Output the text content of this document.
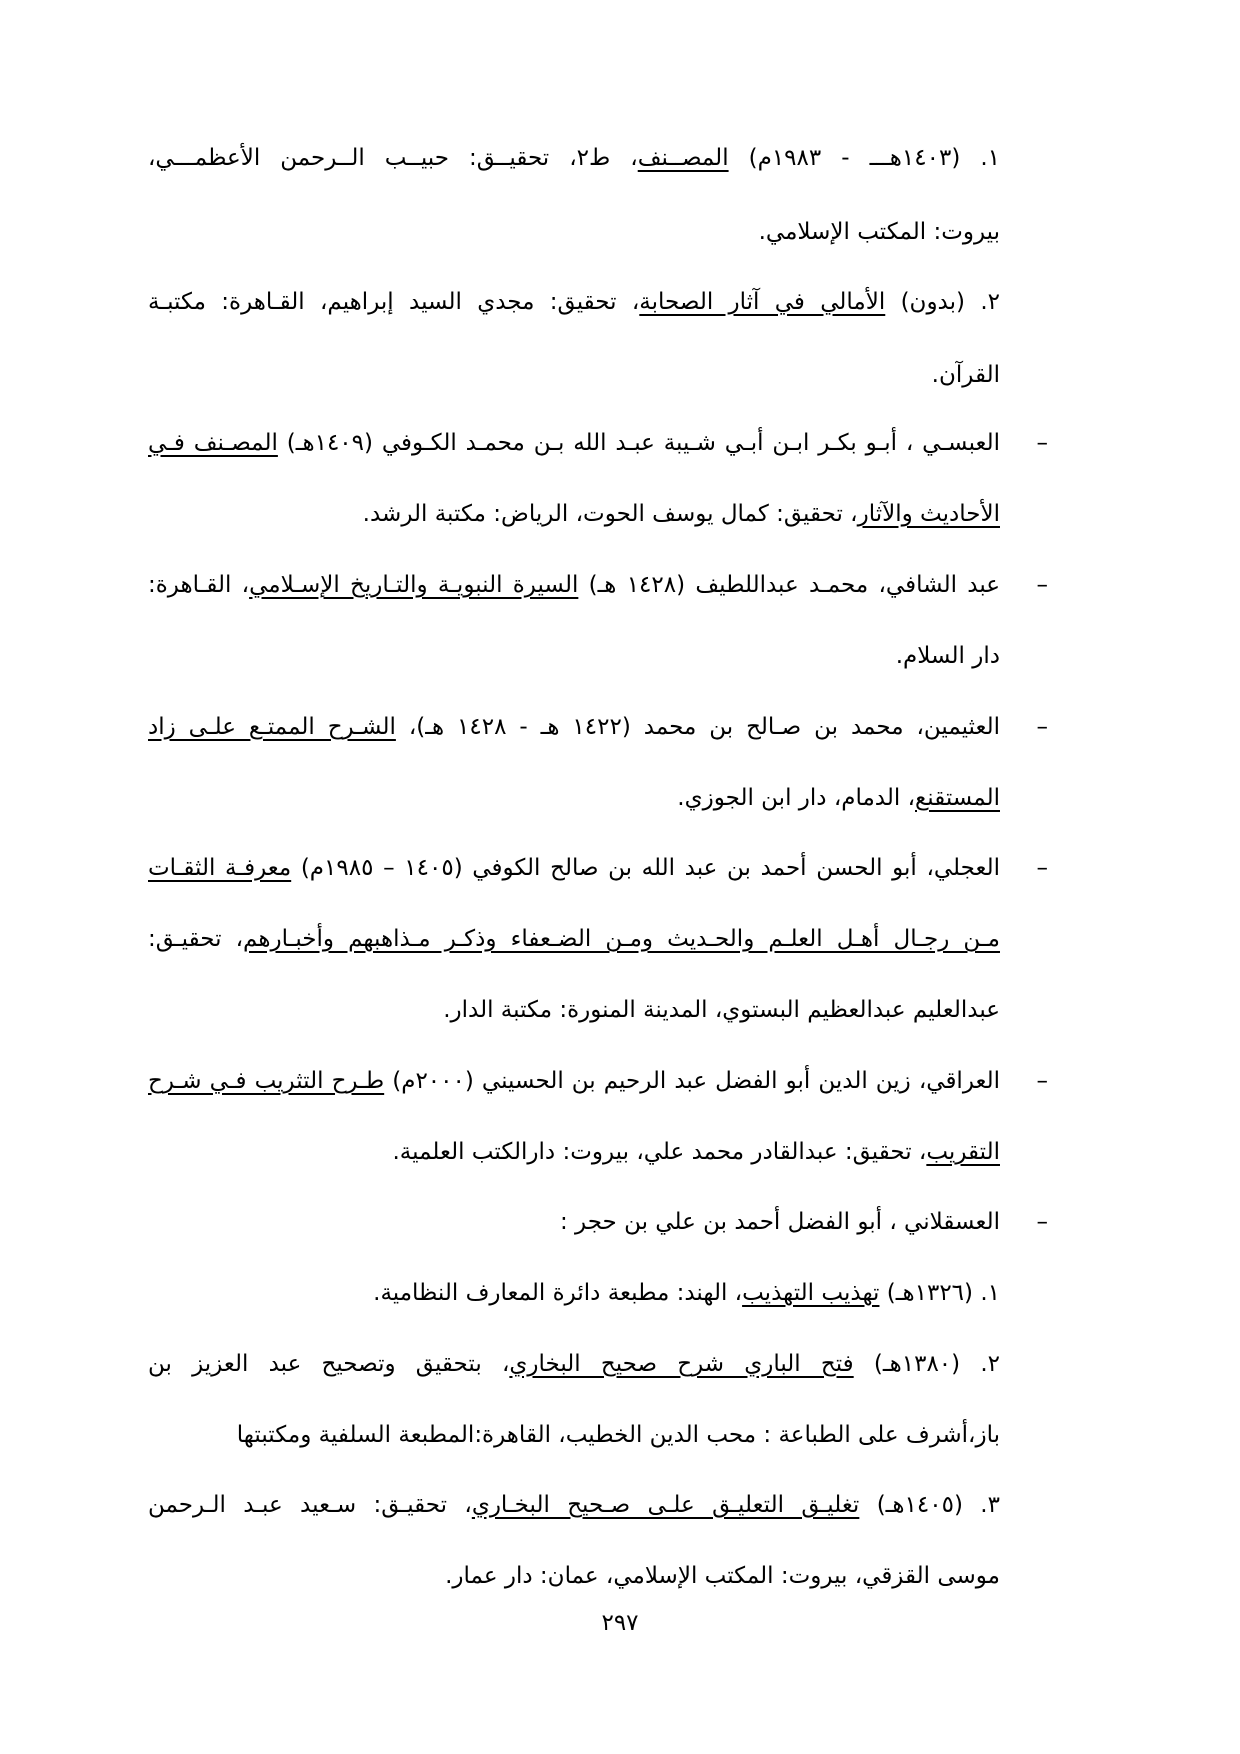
١. (١٤٠٣هـــ - ١٩٨٣م) المصــنف، ط٢، تحقيــق: حبيــب الــرحمن الأعظمـــي،
بيروت: المكتب الإسلامي.
٢. (بدون) الأمالي في آثار الصحابة، تحقيق: مجدي السيد إبراهيم، القـاهرة: مكتبـة
القرآن.
–
العبسـي ، أبـو بكـر ابـن أبـي شـيبة عبـد الله بـن محمـد الكـوفي (١٤٠٩هـ) المصـنف فـي
الأحاديث والآثار، تحقيق: كمال يوسف الحوت، الرياض: مكتبة الرشد.
–
عبد الشافي، محمـد عبداللطيف (١٤٢٨ هـ) السيرة النبويـة والتـاريخ الإسـلامي، القـاهرة:
دار السلام.
–
العثيمين، محمد بن صـالح بن محمد (١٤٢٢ هـ - ١٤٢٨ هـ)، الشـرح الممتـع علـى زاد
المستقنع، الدمام، دار ابن الجوزي.
–
العجلي، أبو الحسن أحمد بن عبد الله بن صالح الكوفي (١٤٠٥ – ١٩٨٥م) معرفـة الثقـات
مـن رجـال أهـل العلـم والحـديث ومـن الضـعفاء وذكـر مـذاهبهم وأخبـارهم، تحقيـق:
عبدالعليم عبدالعظيم البستوي، المدينة المنورة: مكتبة الدار.
–
العراقي، زين الدين أبو الفضل عبد الرحيم بن الحسيني (٢٠٠٠م) طـرح التثريب فـي شـرح
التقريب، تحقيق: عبدالقادر محمد علي، بيروت: دارالكتب العلمية.
–
العسقلاني ، أبو الفضل أحمد بن علي بن حجر :
١. (١٣٢٦هـ) تهذيب التهذيب، الهند: مطبعة دائرة المعارف النظامية.
٢. (١٣٨٠هـ) فتح الباري شرح صحيح البخاري، بتحقيق وتصحيح عبد العزيز بن
باز،أشرف على الطباعة : محب الدين الخطيب، القاهرة:المطبعة السلفية ومكتبتها
٣. (١٤٠٥هـ) تغليـق التعليـق علـى صـحيح البخـاري، تحقيـق: سـعيد عبـد الـرحمن
موسى القزقي، بيروت: المكتب الإسلامي، عمان: دار عمار.
٢٩٧
